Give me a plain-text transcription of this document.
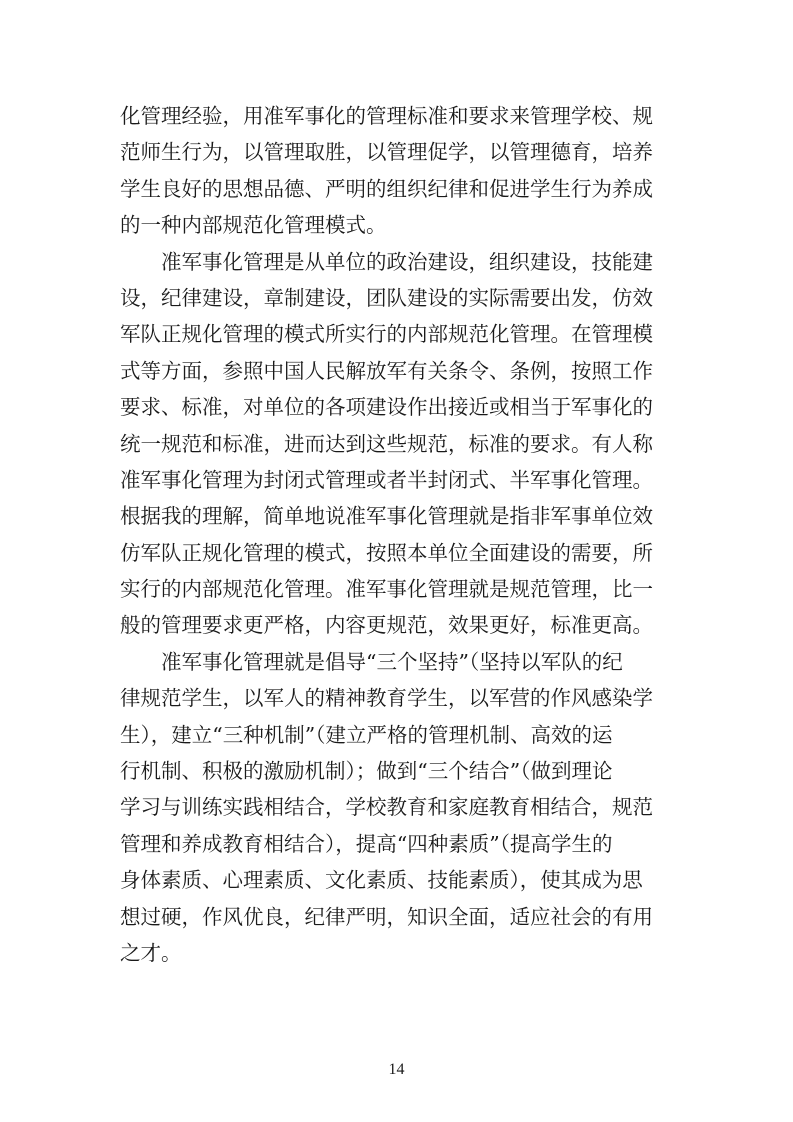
化管理经验，用准军事化的管理标准和要求来管理学校、规
范师生行为，以管理取胜，以管理促学，以管理德育，培养
学生良好的思想品德、严明的组织纪律和促进学生行为养成
的一种内部规范化管理模式。
　　准军事化管理是从单位的政治建设，组织建设，技能建
设，纪律建设，章制建设，团队建设的实际需要出发，仿效
军队正规化管理的模式所实行的内部规范化管理。在管理模
式等方面，参照中国人民解放军有关条令、条例，按照工作
要求、标准，对单位的各项建设作出接近或相当于军事化的
统一规范和标准，进而达到这些规范，标准的要求。有人称
准军事化管理为封闭式管理或者半封闭式、半军事化管理。
根据我的理解，简单地说准军事化管理就是指非军事单位效
仿军队正规化管理的模式，按照本单位全面建设的需要，所
实行的内部规范化管理。准军事化管理就是规范管理，比一
般的管理要求更严格，内容更规范，效果更好，标准更高。
　　准军事化管理就是倡导“三个坚持”（坚持以军队的纪
律规范学生，以军人的精神教育学生，以军营的作风感染学
生），建立“三种机制”（建立严格的管理机制、高效的运
行机制、积极的激励机制）；做到“三个结合”（做到理论
学习与训练实践相结合，学校教育和家庭教育相结合，规范
管理和养成教育相结合），提高“四种素质”（提高学生的
身体素质、心理素质、文化素质、技能素质），使其成为思
想过硬，作风优良，纪律严明，知识全面，适应社会的有用
之才。
14
